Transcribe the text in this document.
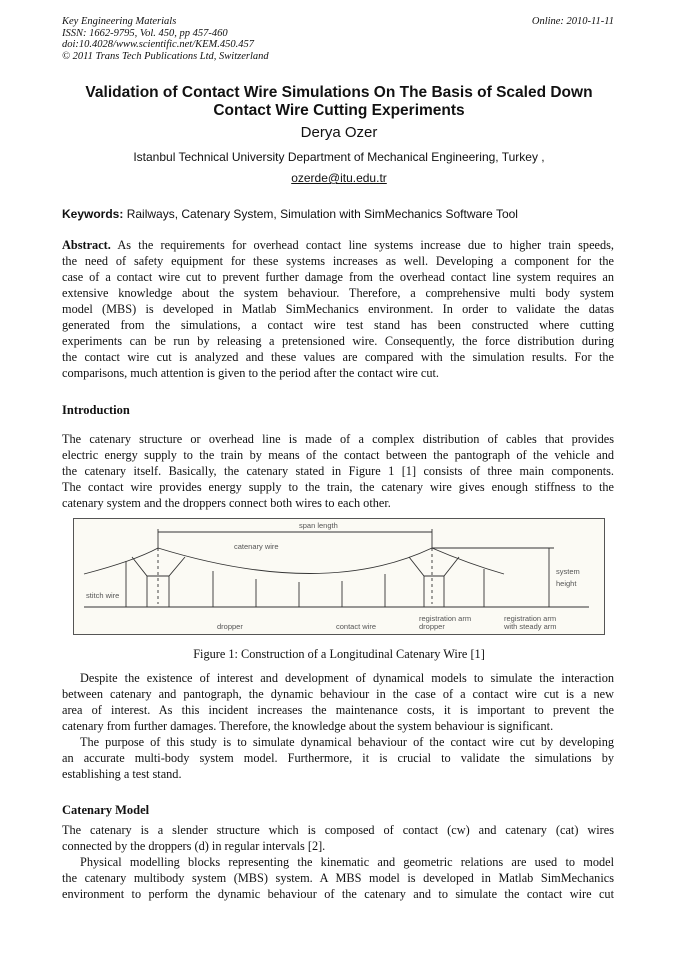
Key Engineering Materials
ISSN: 1662-9795, Vol. 450, pp 457-460
doi:10.4028/www.scientific.net/KEM.450.457
© 2011 Trans Tech Publications Ltd, Switzerland
Online: 2010-11-11
Validation of Contact Wire Simulations On The Basis of Scaled Down
Contact Wire Cutting Experiments
Derya Ozer
Istanbul Technical University Department of Mechanical Engineering, Turkey ,
ozerde@itu.edu.tr
Keywords: Railways, Catenary System, Simulation with SimMechanics Software Tool
Abstract. As the requirements for overhead contact line systems increase due to higher train speeds,
the need of safety equipment for these systems increases as well. Developing a component for the
case of a contact wire cut to prevent further damage from the overhead contact line system requires an
extensive knowledge about the system behaviour. Therefore, a comprehensive multi body system
model (MBS) is developed in Matlab SimMechanics environment. In order to validate the datas
generated from the simulations, a contact wire test stand has been constructed where cutting
experiments can be run by releasing a pretensioned wire. Consequently, the force distribution during
the contact wire cut is analyzed and these values are compared with the simulation results. For the
comparisons, much attention is given to the period after the contact wire cut.
Introduction
The catenary structure or overhead line is made of a complex distribution of cables that provides
electric energy supply to the train by means of the contact between the pantograph of the vehicle and
the catenary itself. Basically, the catenary stated in Figure 1 [1] consists of three main components.
The contact wire provides energy supply to the train, the catenary wire gives enough stiffness to the
catenary system and the droppers connect both wires to each other.
span length
catenary wire
stitch wire
system
height
dropper	contact wire
registration arm
dropper
registration arm
with steady arm
Figure 1: Construction of a Longitudinal Catenary Wire [1]
Despite the existence of interest and development of dynamical models to simulate the interaction
between catenary and pantograph, the dynamic behaviour in the case of a contact wire cut is a new
area of interest. As this incident increases the maintenance costs, it is important to prevent the
catenary from further damages. Therefore, the knowledge about the system behaviour is significant.
The purpose of this study is to simulate dynamical behaviour of the contact wire cut by developing
an accurate multi-body system model. Furthermore, it is crucial to validate the simulations by
establishing a test stand.
Catenary Model
The catenary is a slender structure which is composed of contact (cw) and catenary (cat) wires
connected by the droppers (d) in regular intervals [2].
Physical modelling blocks representing the kinematic and geometric relations are used to model
the catenary multibody system (MBS) system. A MBS model is developed in Matlab SimMechanics
environment to perform the dynamic behaviour of the catenary and to simulate the contact wire cut
